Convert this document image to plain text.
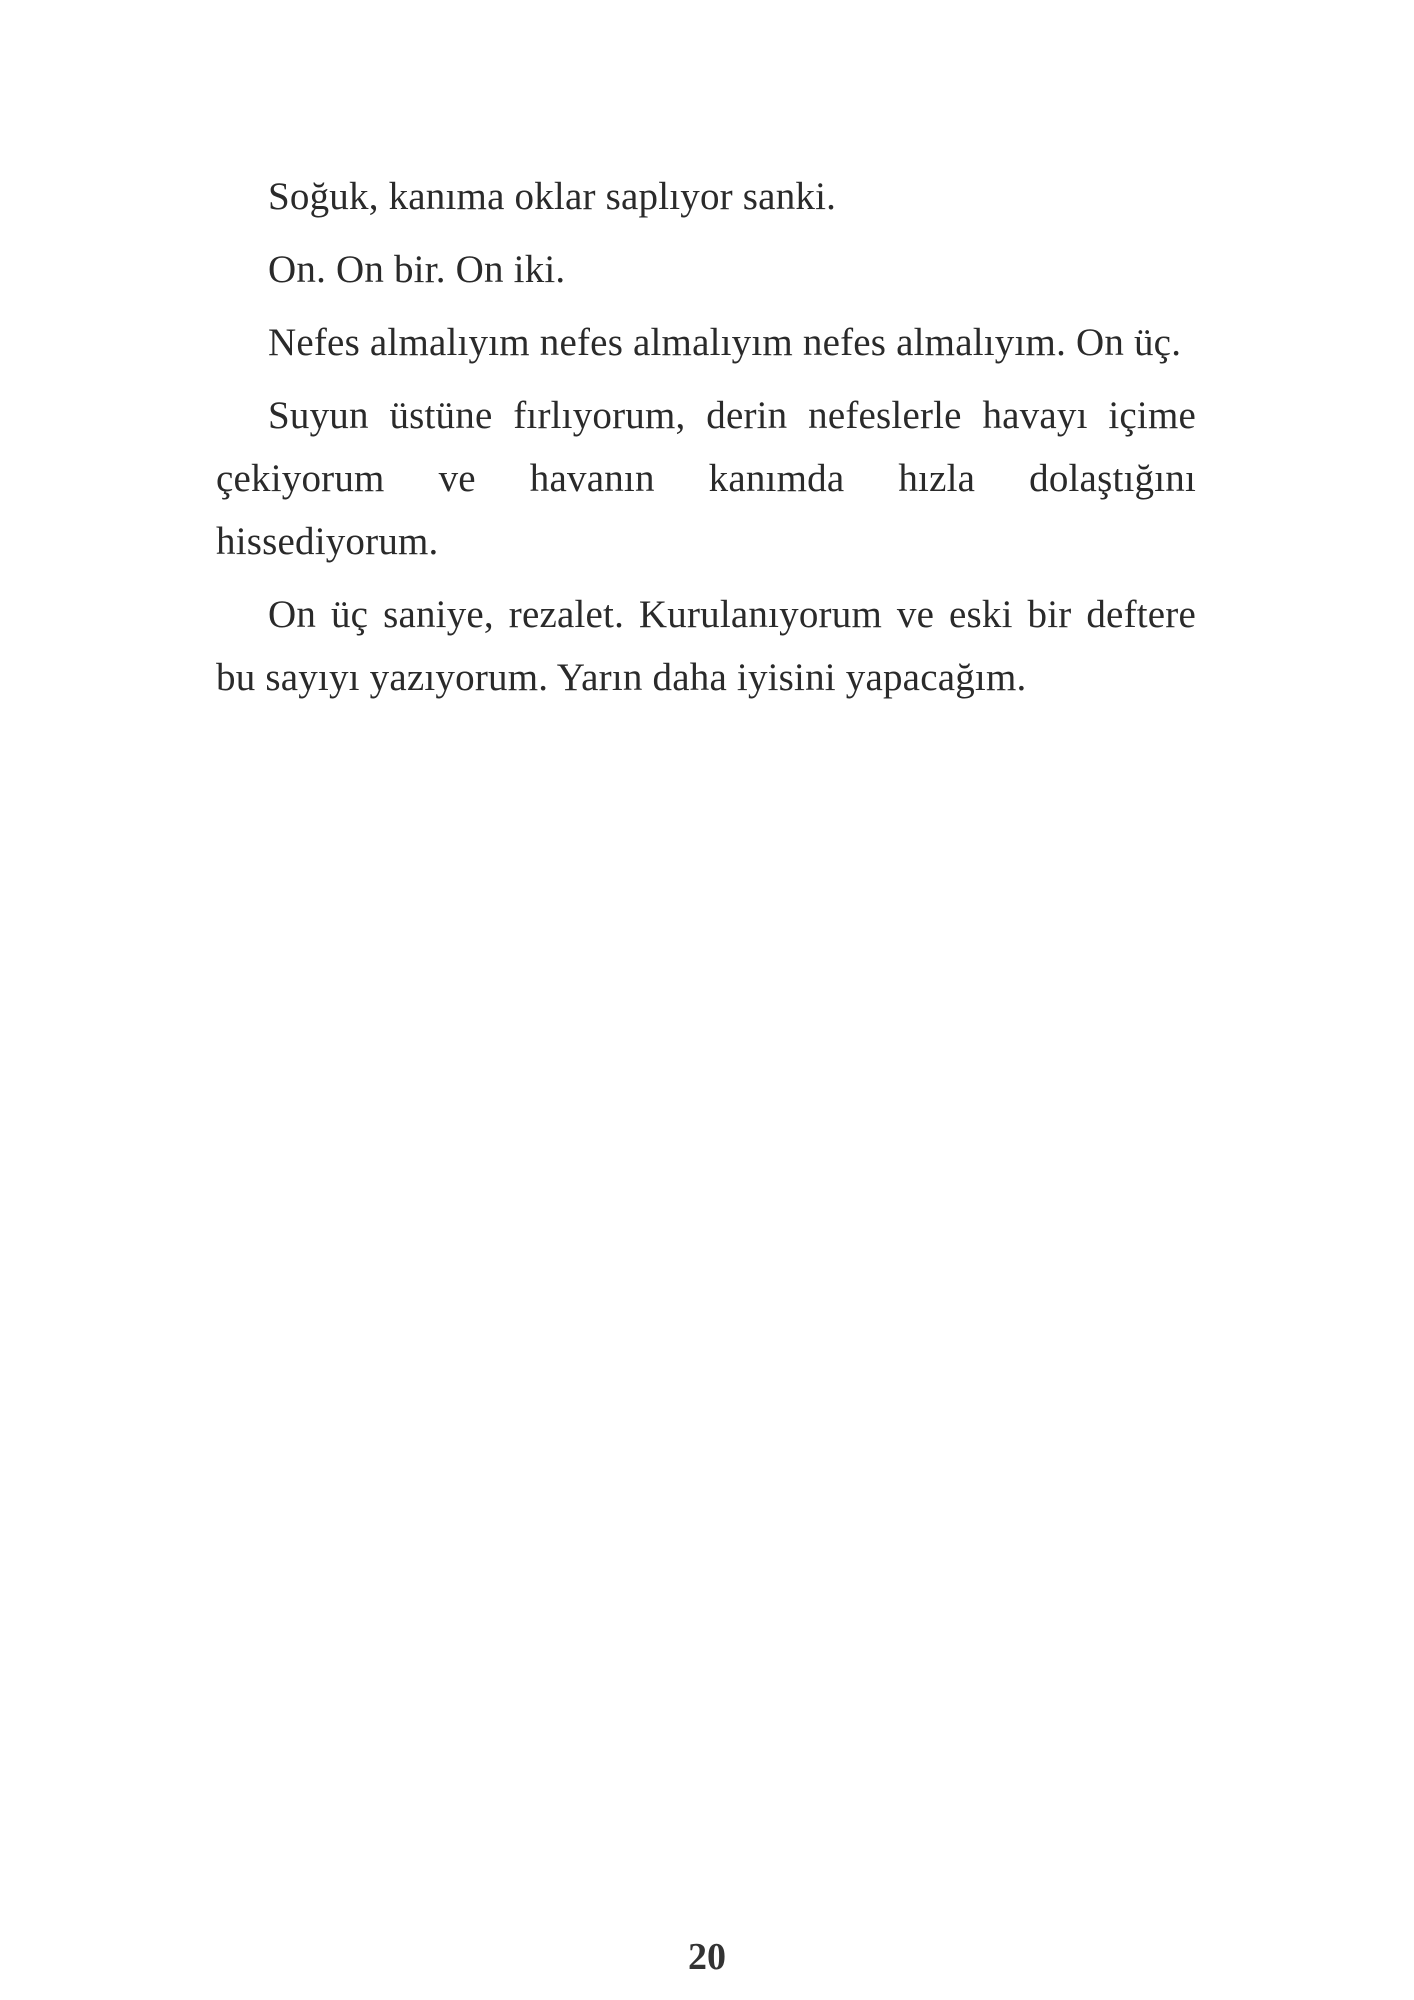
Soğuk, kanıma oklar saplıyor sanki.

On. On bir. On iki.

Nefes almalıyım nefes almalıyım nefes almalıyım. On üç.

Suyun üstüne fırlıyorum, derin nefeslerle havayı içime çekiyorum ve havanın kanımda hızla dolaştığını hissediyorum.

On üç saniye, rezalet. Kurulanıyorum ve eski bir deftere bu sayıyı yazıyorum. Yarın daha iyisini yapacağım.

20
